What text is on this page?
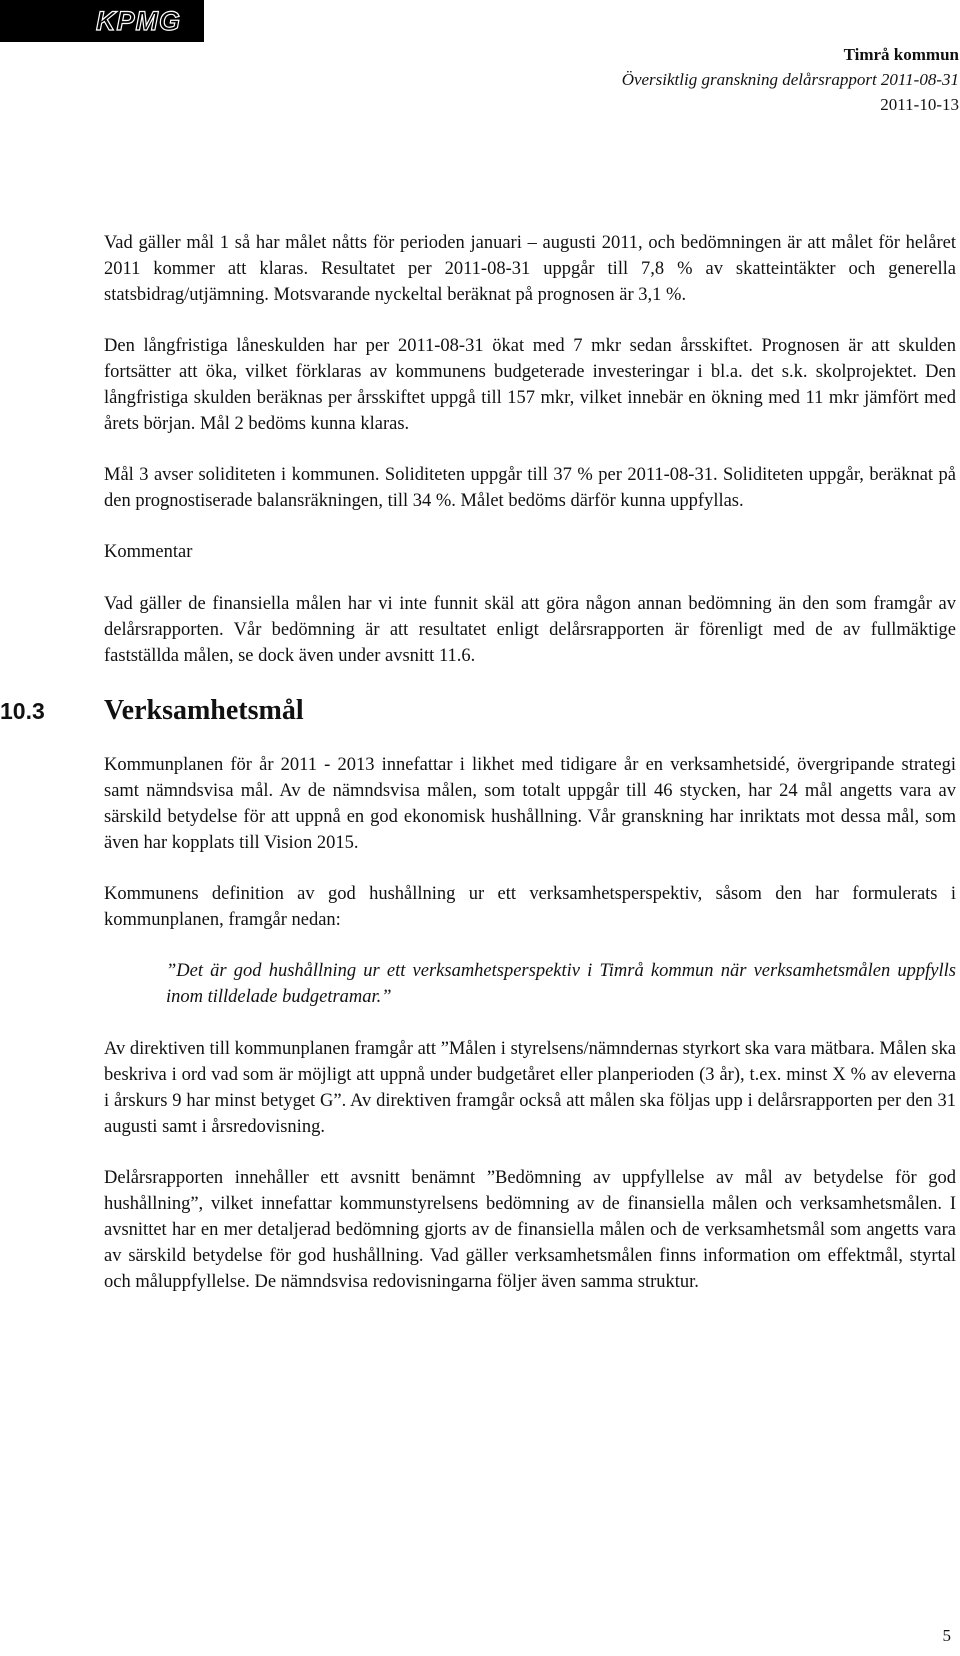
KPMG
Timrå kommun
Översiktlig granskning delårsrapport 2011-08-31
2011-10-13

Vad gäller mål 1 så har målet nåtts för perioden januari – augusti 2011, och bedömningen är att målet för helåret 2011 kommer att klaras. Resultatet per 2011-08-31 uppgår till 7,8 % av skatteintäkter och generella statsbidrag/utjämning. Motsvarande nyckeltal beräknat på prognosen är 3,1 %.

Den långfristiga låneskulden har per 2011-08-31 ökat med 7 mkr sedan årsskiftet. Prognosen är att skulden fortsätter att öka, vilket förklaras av kommunens budgeterade investeringar i bl.a. det s.k. skolprojektet. Den långfristiga skulden beräknas per årsskiftet uppgå till 157 mkr, vilket innebär en ökning med 11 mkr jämfört med årets början. Mål 2 bedöms kunna klaras.

Mål 3 avser soliditeten i kommunen. Soliditeten uppgår till 37 % per 2011-08-31. Soliditeten uppgår, beräknat på den prognostiserade balansräkningen, till 34 %. Målet bedöms därför kunna uppfyllas.

Kommentar

Vad gäller de finansiella målen har vi inte funnit skäl att göra någon annan bedömning än den som framgår av delårsrapporten. Vår bedömning är att resultatet enligt delårsrapporten är förenligt med de av fullmäktige fastställda målen, se dock även under avsnitt 11.6.

10.3 Verksamhetsmål

Kommunplanen för år 2011 - 2013 innefattar i likhet med tidigare år en verksamhetsidé, övergripande strategi samt nämndsvisa mål. Av de nämndsvisa målen, som totalt uppgår till 46 stycken, har 24 mål angetts vara av särskild betydelse för att uppnå en god ekonomisk hushållning. Vår granskning har inriktats mot dessa mål, som även har kopplats till Vision 2015.

Kommunens definition av god hushållning ur ett verksamhetsperspektiv, såsom den har formulerats i kommunplanen, framgår nedan:

”Det är god hushållning ur ett verksamhetsperspektiv i Timrå kommun när verksamhetsmålen uppfylls inom tilldelade budgetramar.”

Av direktiven till kommunplanen framgår att ”Målen i styrelsens/nämndernas styrkort ska vara mätbara. Målen ska beskriva i ord vad som är möjligt att uppnå under budgetåret eller planperioden (3 år), t.ex. minst X % av eleverna i årskurs 9 har minst betyget G”. Av direktiven framgår också att målen ska följas upp i delårsrapporten per den 31 augusti samt i årsredovisning.

Delårsrapporten innehåller ett avsnitt benämnt ”Bedömning av uppfyllelse av mål av betydelse för god hushållning”, vilket innefattar kommunstyrelsens bedömning av de finansiella målen och verksamhetsmålen. I avsnittet har en mer detaljerad bedömning gjorts av de finansiella målen och de verksamhetsmål som angetts vara av särskild betydelse för god hushållning. Vad gäller verksamhetsmålen finns information om effektmål, styrtal och måluppfyllelse. De nämndsvisa redovisningarna följer även samma struktur.

5
